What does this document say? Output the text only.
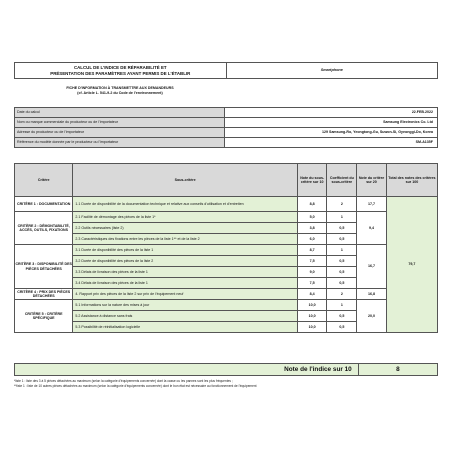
CALCUL DE L'INDICE DE RÉPARABILITÉ ET
PRÉSENTATION DES PARAMÈTRES AYANT PERMIS DE L'ÉTABLIR
	Smartphone
FICHE D'INFORMATION À TRANSMETTRE AUX DEMANDEURS
(cf. Article L. 541-9-2 du Code de l'environnement)
Date du calcul	22.FEB.2022
Nom ou marque commerciale du producteur ou de l'importateur	Samsung Electronics Co. Ltd
Adresse du producteur ou de l'importateur	129 Samsung-Ro, Yeongtong-Gu, Suwon-Si, Gyeonggi-Do, Korea
Référence du modèle donnée par le producteur ou l'importateur	SM-A135F
Critère	Sous-critère	Note du sous-critère sur 10	Coefficient du sous-critère	Note du critère sur 20	Total des notes des critères sur 100
CRITÈRE 1 : DOCUMENTATION	1.1 Durée de disponibilité de la documentation technique et relative aux conseils d'utilisation et d'entretien	8,8	2	17,7	79,7
CRITÈRE 2 : DÉMONTABILITÉ, ACCÈS, OUTILS, FIXATIONS	2.1 Facilité de démontage des pièces de la liste 1*	5,0	1	9,4	
	2.2 Outils nécessaires (liste 2)	3,8	0,5		
	2.3 Caractéristiques des fixations entre les pièces de la liste 1** et de la liste 2	6,0	0,5		
CRITÈRE 3 : DISPONIBILITÉ DES PIÈCES DÉTACHÉES	3.1 Durée de disponibilité des pièces de la liste 1	8,7	1	16,7	
	3.2 Durée de disponibilité des pièces de la liste 2	7,5	0,5		
	3.3 Délais de livraison des pièces de la liste 1	9,0	0,5		
	3.4 Délais de livraison des pièces de la liste 1	7,5	0,5		
CRITÈRE 4 : PRIX DES PIÈCES DÉTACHÉES	4. Rapport prix des pièces de la liste 2 sur prix de l'équipement neuf	8,4	2	16,8	
CRITÈRE 5 : CRITÈRE SPÉCIFIQUE	5.1 Informations sur la nature des mises à jour	10,0	1	20,0	
	5.2 Assistance à distance sans frais	10,0	0,5		
	5.3 Possibilité de réinitialisation logicielle	10,0	0,5		
Note de l'indice sur 10	8
*liste 1 : liste des 3 à 5 pièces détachées au maximum (selon la catégorie d'équipements concernée) dont la casse ou les pannes sont les plus fréquentes ;
**liste 1 : liste de 10 autres pièces détachées au maximum (selon la catégorie d'équipements concernée) dont le bon état est nécessaire au fonctionnement de l'équipement
